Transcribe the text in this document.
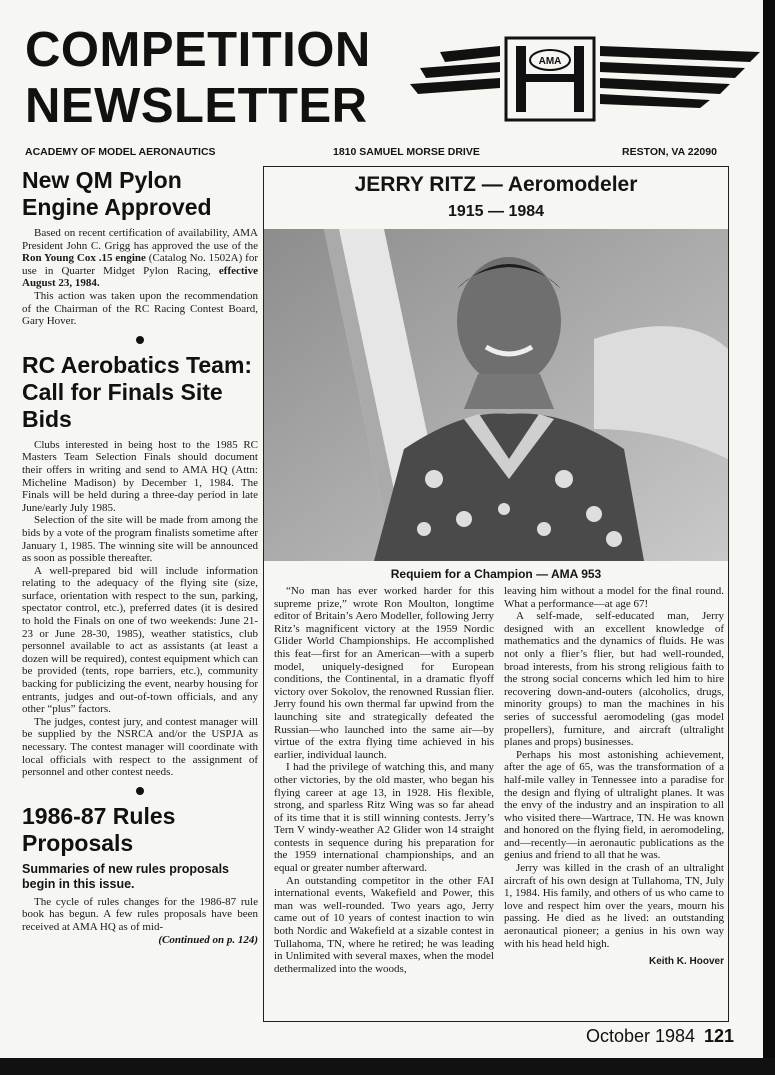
COMPETITION
NEWSLETTER
AMA
ACADEMY OF MODEL AERONAUTICS	1810 SAMUEL MORSE DRIVE	RESTON, VA 22090
New QM Pylon Engine Approved

Based on recent certification of availability, AMA President John C. Grigg has approved the use of the Ron Young Cox .15 engine (Catalog No. 1502A) for use in Quarter Midget Pylon Racing, effective August 23, 1984.

This action was taken upon the recommendation of the Chairman of the RC Racing Contest Board, Gary Hover.

RC Aerobatics Team: Call for Finals Site Bids

Clubs interested in being host to the 1985 RC Masters Team Selection Finals should document their offers in writing and send to AMA HQ (Attn: Micheline Madison) by December 1, 1984. The Finals will be held during a three-day period in late June/early July 1985.

Selection of the site will be made from among the bids by a vote of the program finalists sometime after January 1, 1985. The winning site will be announced as soon as possible thereafter.

A well-prepared bid will include information relating to the adequacy of the flying site (size, surface, orientation with respect to the sun, parking, spectator control, etc.), preferred dates (it is desired to hold the Finals on one of two weekends: June 21-23 or June 28-30, 1985), weather statistics, club personnel available to act as assistants (at least a dozen will be required), contest equipment which can be provided (tents, rope barriers, etc.), community backing for publicizing the event, nearby housing for entrants, judges and out-of-town officials, and any other “plus” factors.

The judges, contest jury, and contest manager will be supplied by the NSRCA and/or the USPJA as necessary. The contest manager will coordinate with local officials with respect to the assignment of personnel and other contest needs.

1986-87 Rules Proposals
Summaries of new rules proposals begin in this issue.

The cycle of rules changes for the 1986-87 rule book has begun. A few rules proposals have been received at AMA HQ as of mid-

(Continued on p. 124)
JERRY RITZ — Aeromodeler
1915 — 1984
Requiem for a Champion — AMA 953

“No man has ever worked harder for this supreme prize,” wrote Ron Moulton, longtime editor of Britain’s Aero Modeller, following Jerry Ritz’s magnificent victory at the 1959 Nordic Glider World Championships. He accomplished this feat—first for an American—with a superb model, uniquely-designed for European conditions, the Continental, in a dramatic flyoff victory over Sokolov, the renowned Russian flier. Jerry found his own thermal far upwind from the launching site and strategically defeated the Russian—who launched into the same air—by virtue of the extra flying time achieved in his earlier, individual launch.

I had the privilege of watching this, and many other victories, by the old master, who began his flying career at age 13, in 1928. His flexible, strong, and sparless Ritz Wing was so far ahead of its time that it is still winning contests. Jerry’s Tern V windy-weather A2 Glider won 14 straight contests in sequence during his preparation for the 1959 international championships, and an equal or greater number afterward.

An outstanding competitor in the other FAI international events, Wakefield and Power, this man was well-rounded. Two years ago, Jerry came out of 10 years of contest inaction to win both Nordic and Wakefield at a sizable contest in Tullahoma, TN, where he retired; he was leading in Unlimited with several maxes, when the model dethermalized into the woods,

leaving him without a model for the final round. What a performance—at age 67!

A self-made, self-educated man, Jerry designed with an excellent knowledge of mathematics and the dynamics of fluids. He was not only a flier’s flier, but had well-rounded, broad interests, from his strong religious faith to the strong social concerns which led him to hire recovering down-and-outers (alcoholics, drugs, minority groups) to man the machines in his series of successful aeromodeling (gas model propellers), furniture, and aircraft (ultralight planes and props) businesses.

Perhaps his most astonishing achievement, after the age of 65, was the transformation of a half-mile valley in Tennessee into a paradise for the design and flying of ultralight planes. It was the envy of the industry and an inspiration to all who visited there—Wartrace, TN. He was known and honored on the flying field, in aeromodeling, and—recently—in aeronautic publications as the genius and friend to all that he was.

Jerry was killed in the crash of an ultralight aircraft of his own design at Tullahoma, TN, July 1, 1984. His family, and others of us who came to love and respect him over the years, mourn his passing. He died as he lived: an outstanding aeronautical pioneer; a genius in his own way with his head held high.

Keith K. Hoover
October 1984 121
